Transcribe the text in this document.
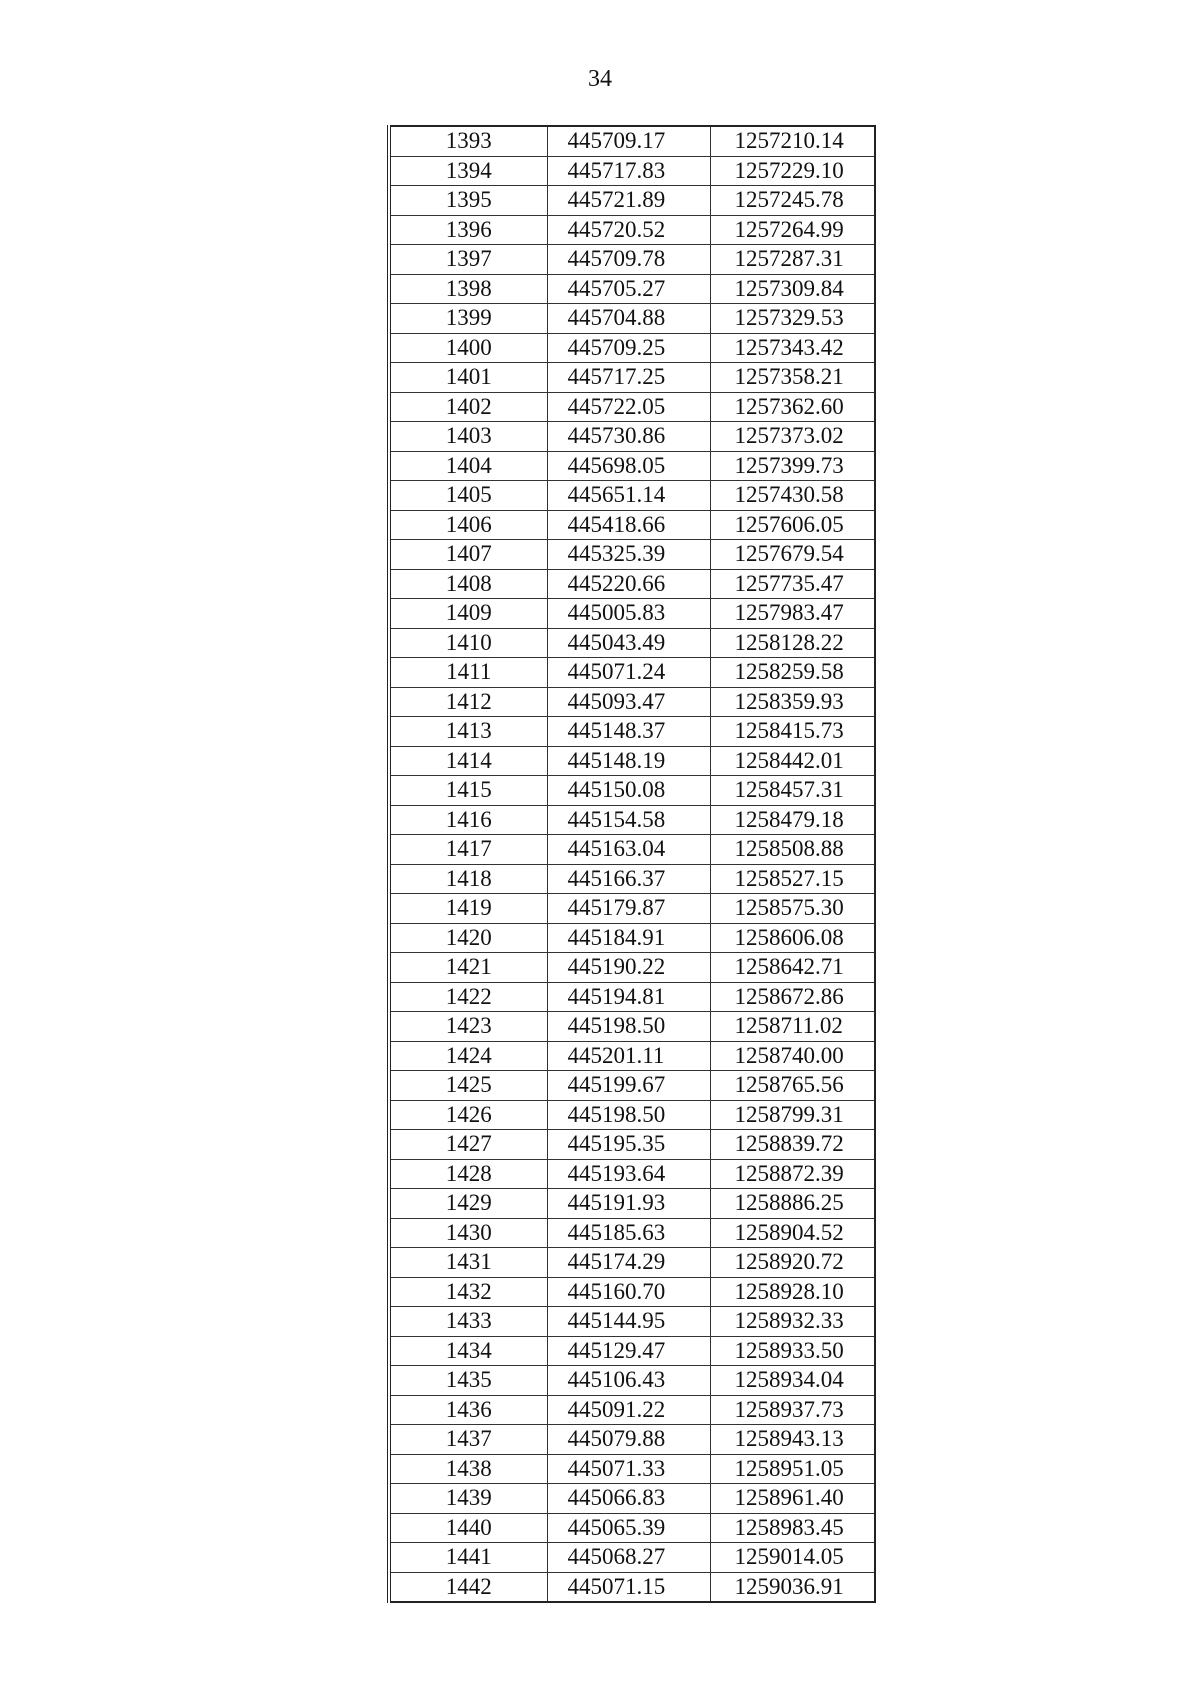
34
1393	445709.17	1257210.14
1394	445717.83	1257229.10
1395	445721.89	1257245.78
1396	445720.52	1257264.99
1397	445709.78	1257287.31
1398	445705.27	1257309.84
1399	445704.88	1257329.53
1400	445709.25	1257343.42
1401	445717.25	1257358.21
1402	445722.05	1257362.60
1403	445730.86	1257373.02
1404	445698.05	1257399.73
1405	445651.14	1257430.58
1406	445418.66	1257606.05
1407	445325.39	1257679.54
1408	445220.66	1257735.47
1409	445005.83	1257983.47
1410	445043.49	1258128.22
1411	445071.24	1258259.58
1412	445093.47	1258359.93
1413	445148.37	1258415.73
1414	445148.19	1258442.01
1415	445150.08	1258457.31
1416	445154.58	1258479.18
1417	445163.04	1258508.88
1418	445166.37	1258527.15
1419	445179.87	1258575.30
1420	445184.91	1258606.08
1421	445190.22	1258642.71
1422	445194.81	1258672.86
1423	445198.50	1258711.02
1424	445201.11	1258740.00
1425	445199.67	1258765.56
1426	445198.50	1258799.31
1427	445195.35	1258839.72
1428	445193.64	1258872.39
1429	445191.93	1258886.25
1430	445185.63	1258904.52
1431	445174.29	1258920.72
1432	445160.70	1258928.10
1433	445144.95	1258932.33
1434	445129.47	1258933.50
1435	445106.43	1258934.04
1436	445091.22	1258937.73
1437	445079.88	1258943.13
1438	445071.33	1258951.05
1439	445066.83	1258961.40
1440	445065.39	1258983.45
1441	445068.27	1259014.05
1442	445071.15	1259036.91
